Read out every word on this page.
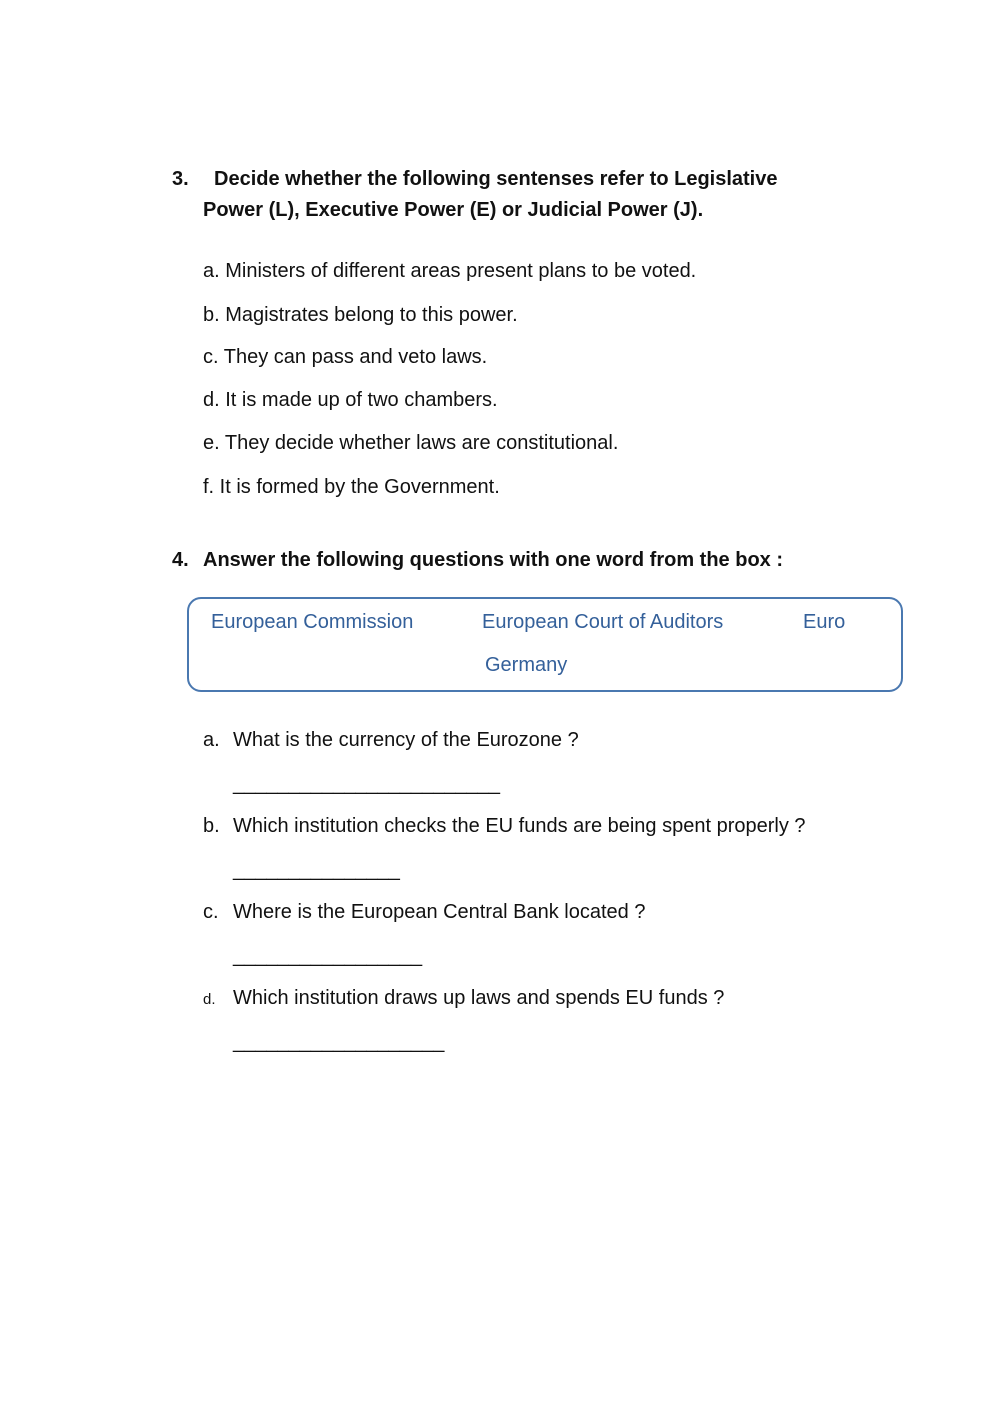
3. Decide whether the following sentenses refer to Legislative
Power (L), Executive Power (E) or Judicial Power (J).
a. Ministers of different areas present plans to be voted.
b. Magistrates belong to this power.
c. They can pass and veto laws.
d. It is made up of two chambers.
e. They decide whether laws are constitutional.
f. It is formed by the Government.
4. Answer the following questions with one word from the box :
European Commission	European Court of Auditors	Euro
Germany
a. What is the currency of the Eurozone ?
________________________
b. Which institution checks the EU funds are being spent properly ?
_______________
c. Where is the European Central Bank located ?
_________________
d. Which institution draws up laws and spends EU funds ?
___________________
